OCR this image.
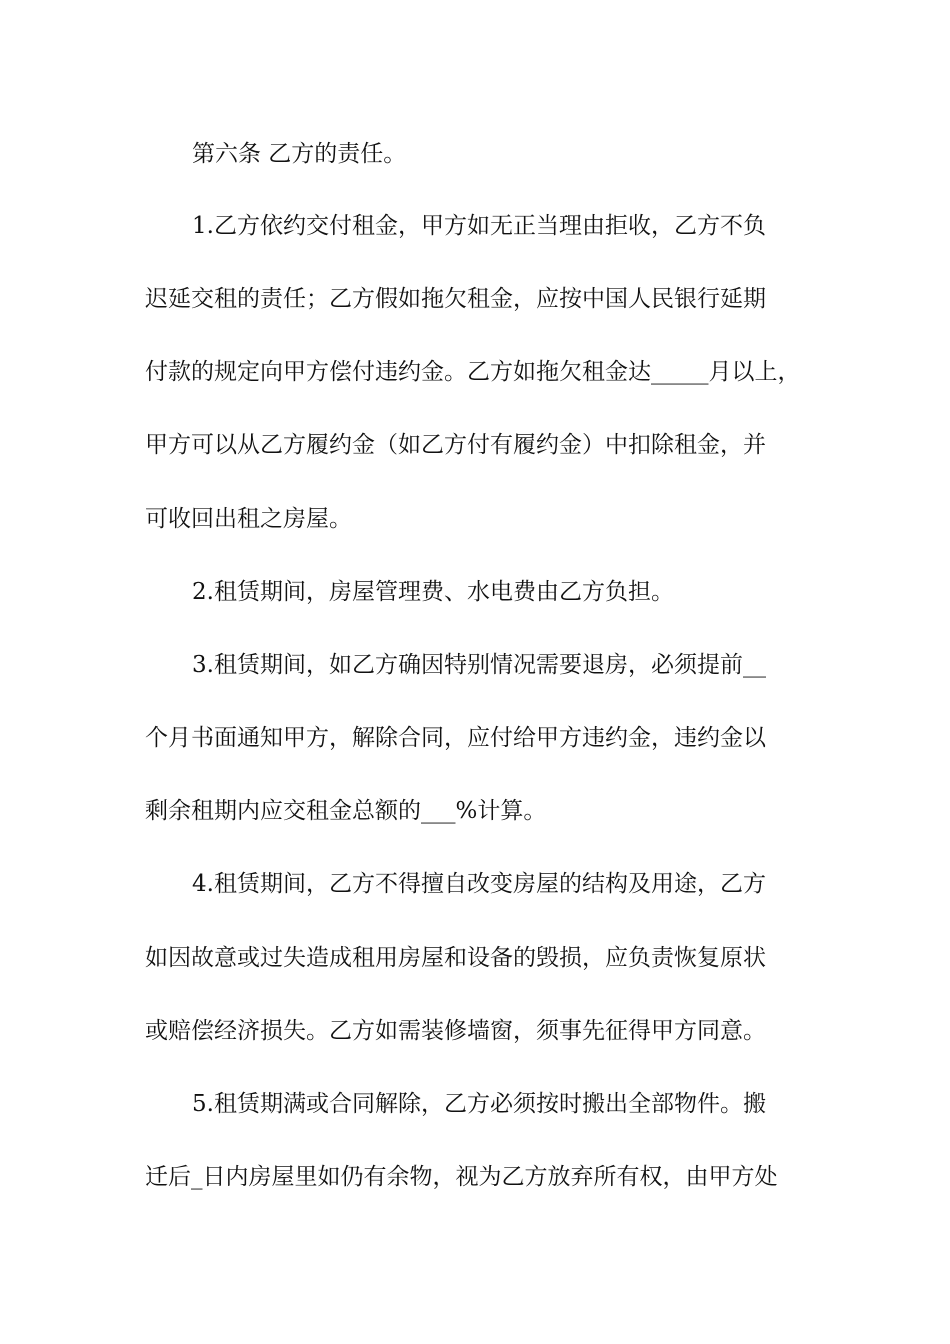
第六条 乙方的责任。
1.乙方依约交付租金，甲方如无正当理由拒收，乙方不负
迟延交租的责任；乙方假如拖欠租金，应按中国人民银行延期
付款的规定向甲方偿付违约金。乙方如拖欠租金达_____月以上，
甲方可以从乙方履约金（如乙方付有履约金）中扣除租金，并
可收回出租之房屋。
2.租赁期间，房屋管理费、水电费由乙方负担。
3.租赁期间，如乙方确因特别情况需要退房，必须提前__
个月书面通知甲方，解除合同，应付给甲方违约金，违约金以
剩余租期内应交租金总额的___%计算。
4.租赁期间，乙方不得擅自改变房屋的结构及用途，乙方
如因故意或过失造成租用房屋和设备的毁损，应负责恢复原状
或赔偿经济损失。乙方如需装修墙窗，须事先征得甲方同意。
5.租赁期满或合同解除，乙方必须按时搬出全部物件。搬
迁后_日内房屋里如仍有余物，视为乙方放弃所有权，由甲方处
